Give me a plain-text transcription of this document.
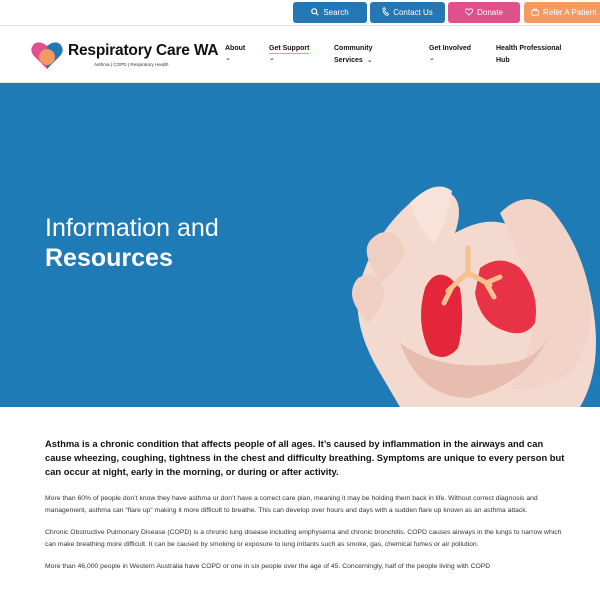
Search	Contact Us	Donate	Refer A Patient
Respiratory Care WA
Asthma | COPD | Respiratory Health
About
⌄
Get Support
⌄
Community Services ⌄
Get Involved
⌄
Health Professional Hub
Information and
Resources

Asthma is a chronic condition that affects people of all ages. It’s caused by inflammation in the airways and can cause wheezing, coughing, tightness in the chest and difficulty breathing. Symptoms are unique to every person but can occur at night, early in the morning, or during or after activity.

More than 60% of people don’t know they have asthma or don’t have a correct care plan, meaning it may be holding them back in life. Without correct diagnosis and management, asthma can “flare up” making it more difficult to breathe. This can develop over hours and days with a sudden flare up known as an asthma attack.

Chronic Obstructive Pulmonary Disease (COPD) is a chronic lung disease including emphysema and chronic bronchitis. COPD causes airways in the lungs to narrow which can make breathing more difficult. It can be caused by smoking or exposure to lung irritants such as smoke, gas, chemical fumes or air pollution.

More than 46,000 people in Western Australia have COPD or one in six people over the age of 45. Concerningly, half of the people living with COPD
